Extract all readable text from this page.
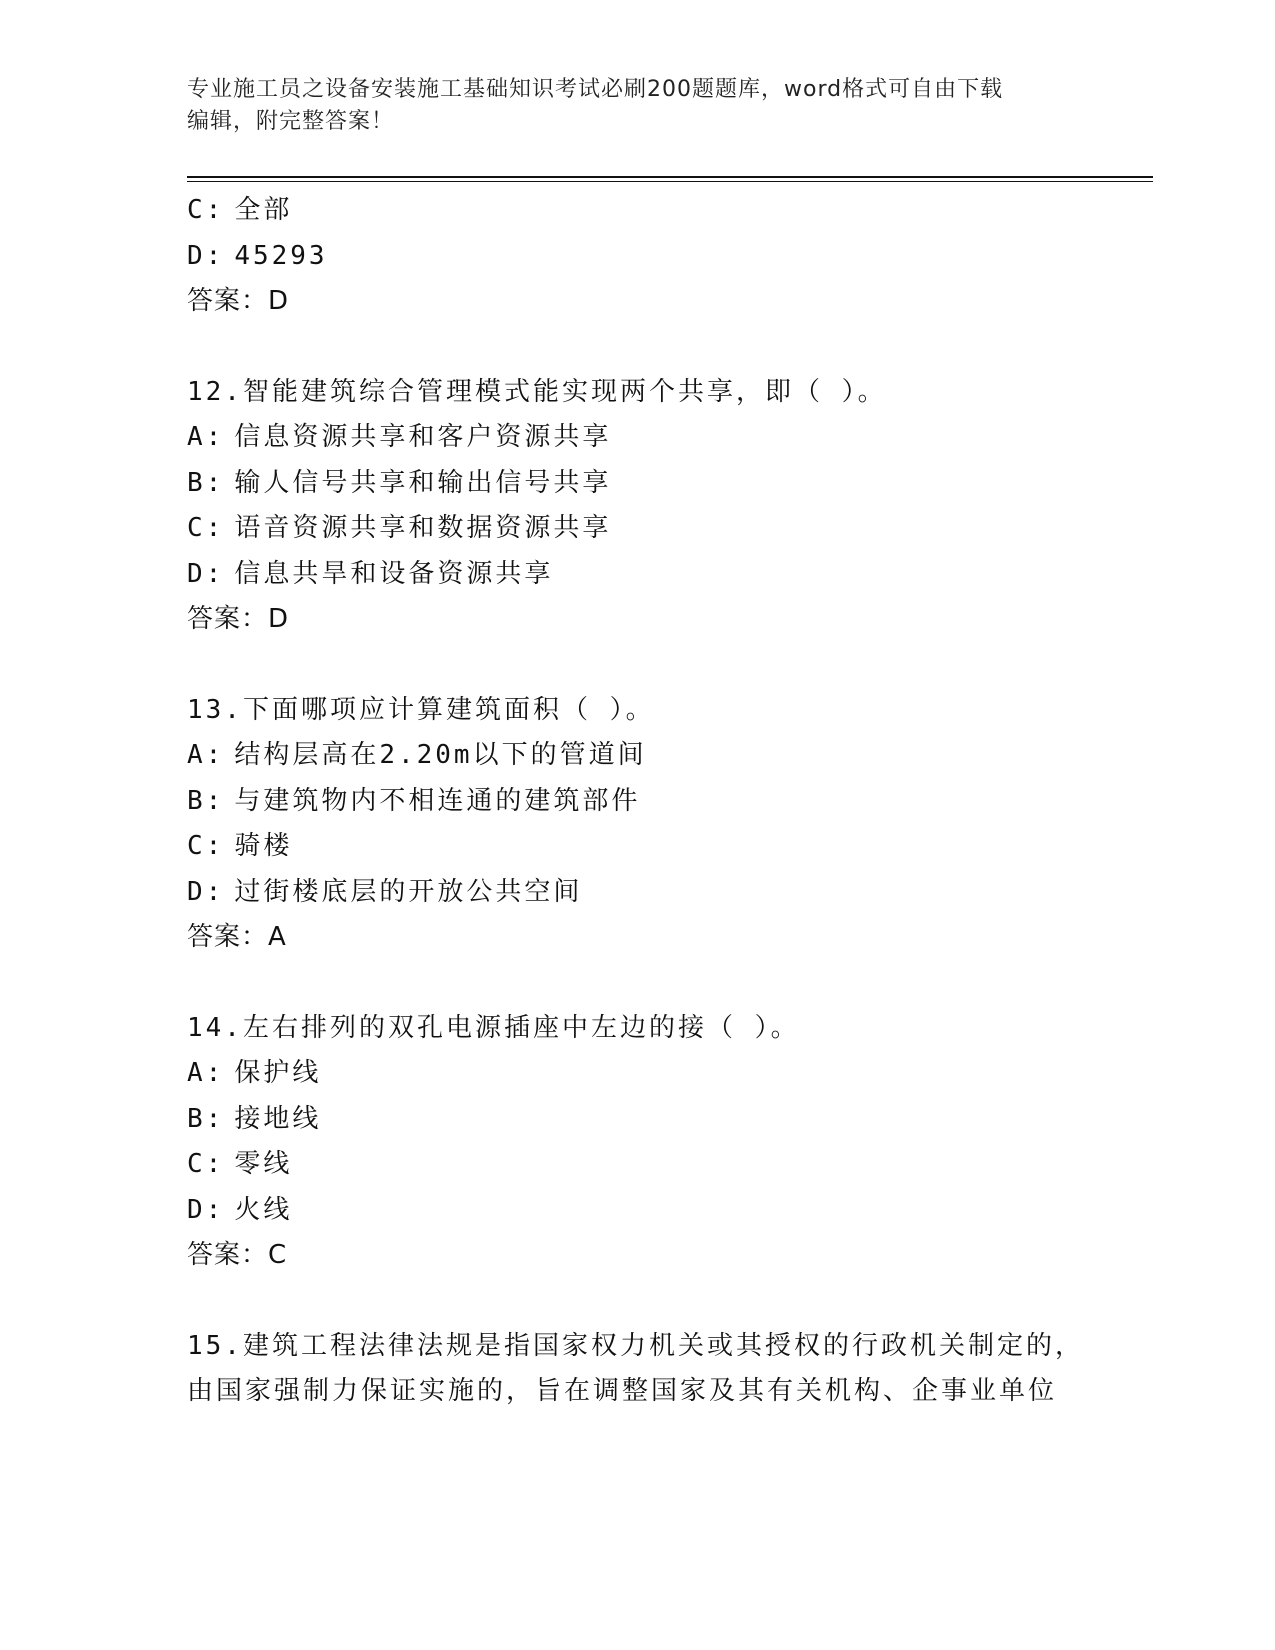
专业施工员之设备安装施工基础知识考试必刷200题题库，word格式可自由下载
编辑，附完整答案！
C: 全部
D: 45293
答案：D
12.智能建筑综合管理模式能实现两个共享，即（ ）。
A: 信息资源共享和客户资源共享
B: 输人信号共享和输出信号共享
C: 语音资源共享和数据资源共享
D: 信息共旱和设备资源共享
答案：D
13.下面哪项应计算建筑面积（ ）。
A: 结构层高在2.20m以下的管道间
B: 与建筑物内不相连通的建筑部件
C: 骑楼
D: 过街楼底层的开放公共空间
答案：A
14.左右排列的双孔电源插座中左边的接（ ）。
A: 保护线
B: 接地线
C: 零线
D: 火线
答案：C
15.建筑工程法律法规是指国家权力机关或其授权的行政机关制定的，
由国家强制力保证实施的，旨在调整国家及其有关机构、企事业单位
